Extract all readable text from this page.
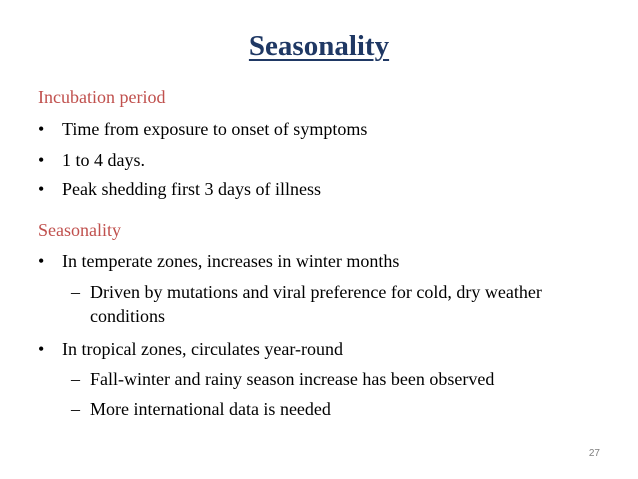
Seasonality
Incubation period
• Time from exposure to onset of symptoms
• 1 to 4 days.
• Peak shedding first 3 days of illness
Seasonality
• In temperate zones, increases in winter months
– Driven by mutations and viral preference for cold, dry weather conditions
• In tropical zones, circulates year-round
– Fall-winter and rainy season increase has been observed
– More international data is needed
27
